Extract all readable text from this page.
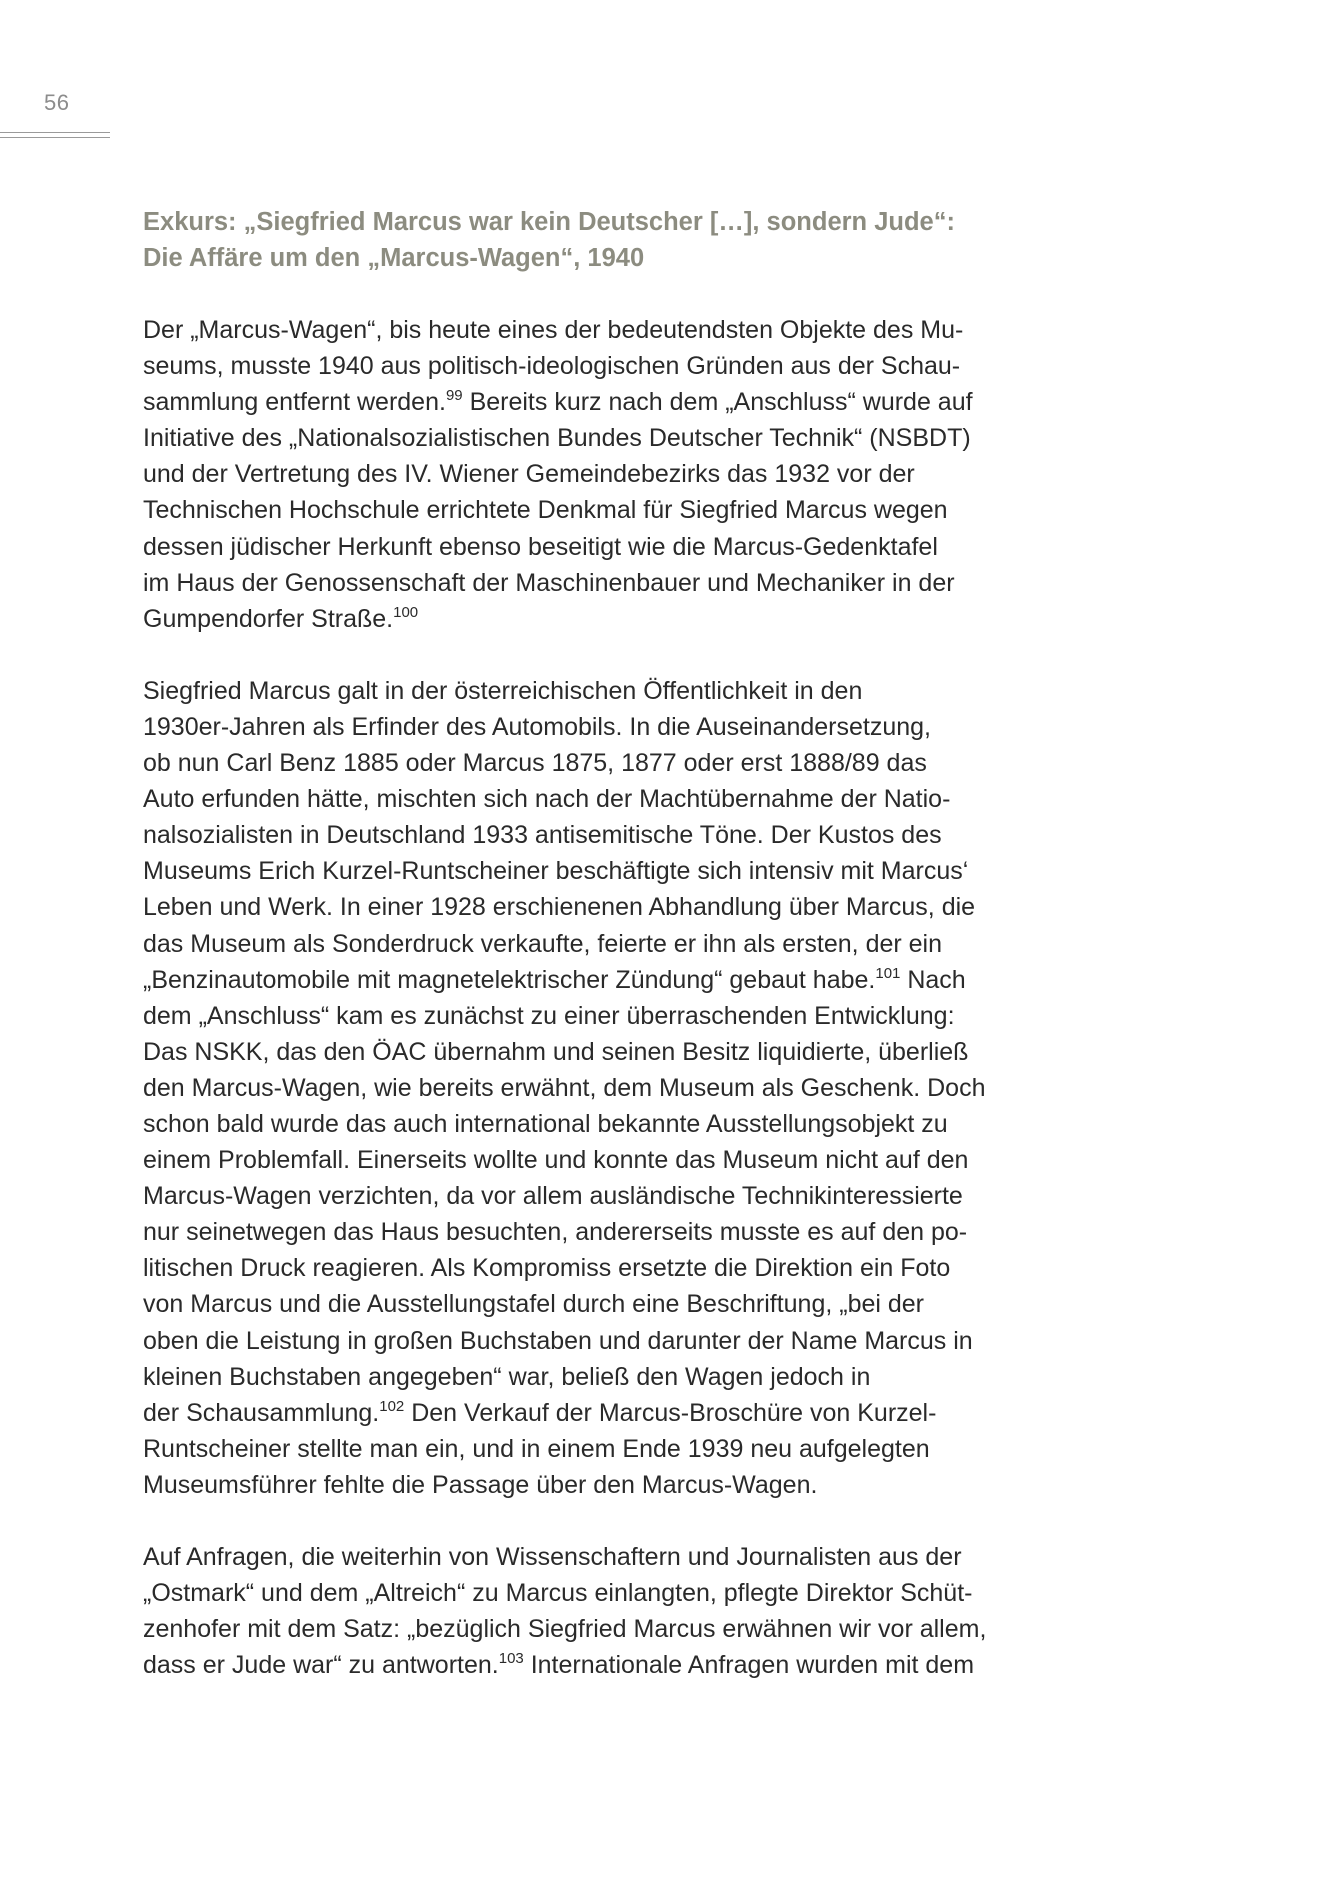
56
Exkurs: „Siegfried Marcus war kein Deutscher […], sondern Jude“:
Die Affäre um den „Marcus-Wagen“, 1940

Der „Marcus-Wagen“, bis heute eines der bedeutendsten Objekte des Mu-
seums, musste 1940 aus politisch-ideologischen Gründen aus der Schau-
sammlung entfernt werden.$^{99}$ Bereits kurz nach dem „Anschluss“ wurde auf
Initiative des „Nationalsozialistischen Bundes Deutscher Technik“ (NSBDT)
und der Vertretung des IV. Wiener Gemeindebezirks das 1932 vor der
Technischen Hochschule errichtete Denkmal für Siegfried Marcus wegen
dessen jüdischer Herkunft ebenso beseitigt wie die Marcus-Gedenktafel
im Haus der Genossenschaft der Maschinenbauer und Mechaniker in der
Gumpendorfer Straße.$^{100}$

Siegfried Marcus galt in der österreichischen Öffentlichkeit in den
1930er-Jahren als Erfinder des Automobils. In die Auseinandersetzung,
ob nun Carl Benz 1885 oder Marcus 1875, 1877 oder erst 1888/89 das
Auto erfunden hätte, mischten sich nach der Machtübernahme der Natio-
nalsozialisten in Deutschland 1933 antisemitische Töne. Der Kustos des
Museums Erich Kurzel-Runtscheiner beschäftigte sich intensiv mit Marcus‘
Leben und Werk. In einer 1928 erschienenen Abhandlung über Marcus, die
das Museum als Sonderdruck verkaufte, feierte er ihn als ersten, der ein
„Benzinautomobile mit magnetelektrischer Zündung“ gebaut habe.$^{101}$ Nach
dem „Anschluss“ kam es zunächst zu einer überraschenden Entwicklung:
Das NSKK, das den ÖAC übernahm und seinen Besitz liquidierte, überließ
den Marcus-Wagen, wie bereits erwähnt, dem Museum als Geschenk. Doch
schon bald wurde das auch international bekannte Ausstellungsobjekt zu
einem Problemfall. Einerseits wollte und konnte das Museum nicht auf den
Marcus-Wagen verzichten, da vor allem ausländische Technikinteressierte
nur seinetwegen das Haus besuchten, andererseits musste es auf den po-
litischen Druck reagieren. Als Kompromiss ersetzte die Direktion ein Foto
von Marcus und die Ausstellungstafel durch eine Beschriftung, „bei der
oben die Leistung in großen Buchstaben und darunter der Name Marcus in
kleinen Buchstaben angegeben“ war, beließ den Wagen jedoch in
der Schausammlung.$^{102}$ Den Verkauf der Marcus-Broschüre von Kurzel-
Runtscheiner stellte man ein, und in einem Ende 1939 neu aufgelegten
Museumsführer fehlte die Passage über den Marcus-Wagen.

Auf Anfragen, die weiterhin von Wissenschaftern und Journalisten aus der
„Ostmark“ und dem „Altreich“ zu Marcus einlangten, pflegte Direktor Schüt-
zenhofer mit dem Satz: „bezüglich Siegfried Marcus erwähnen wir vor allem,
dass er Jude war“ zu antworten.$^{103}$ Internationale Anfragen wurden mit dem
